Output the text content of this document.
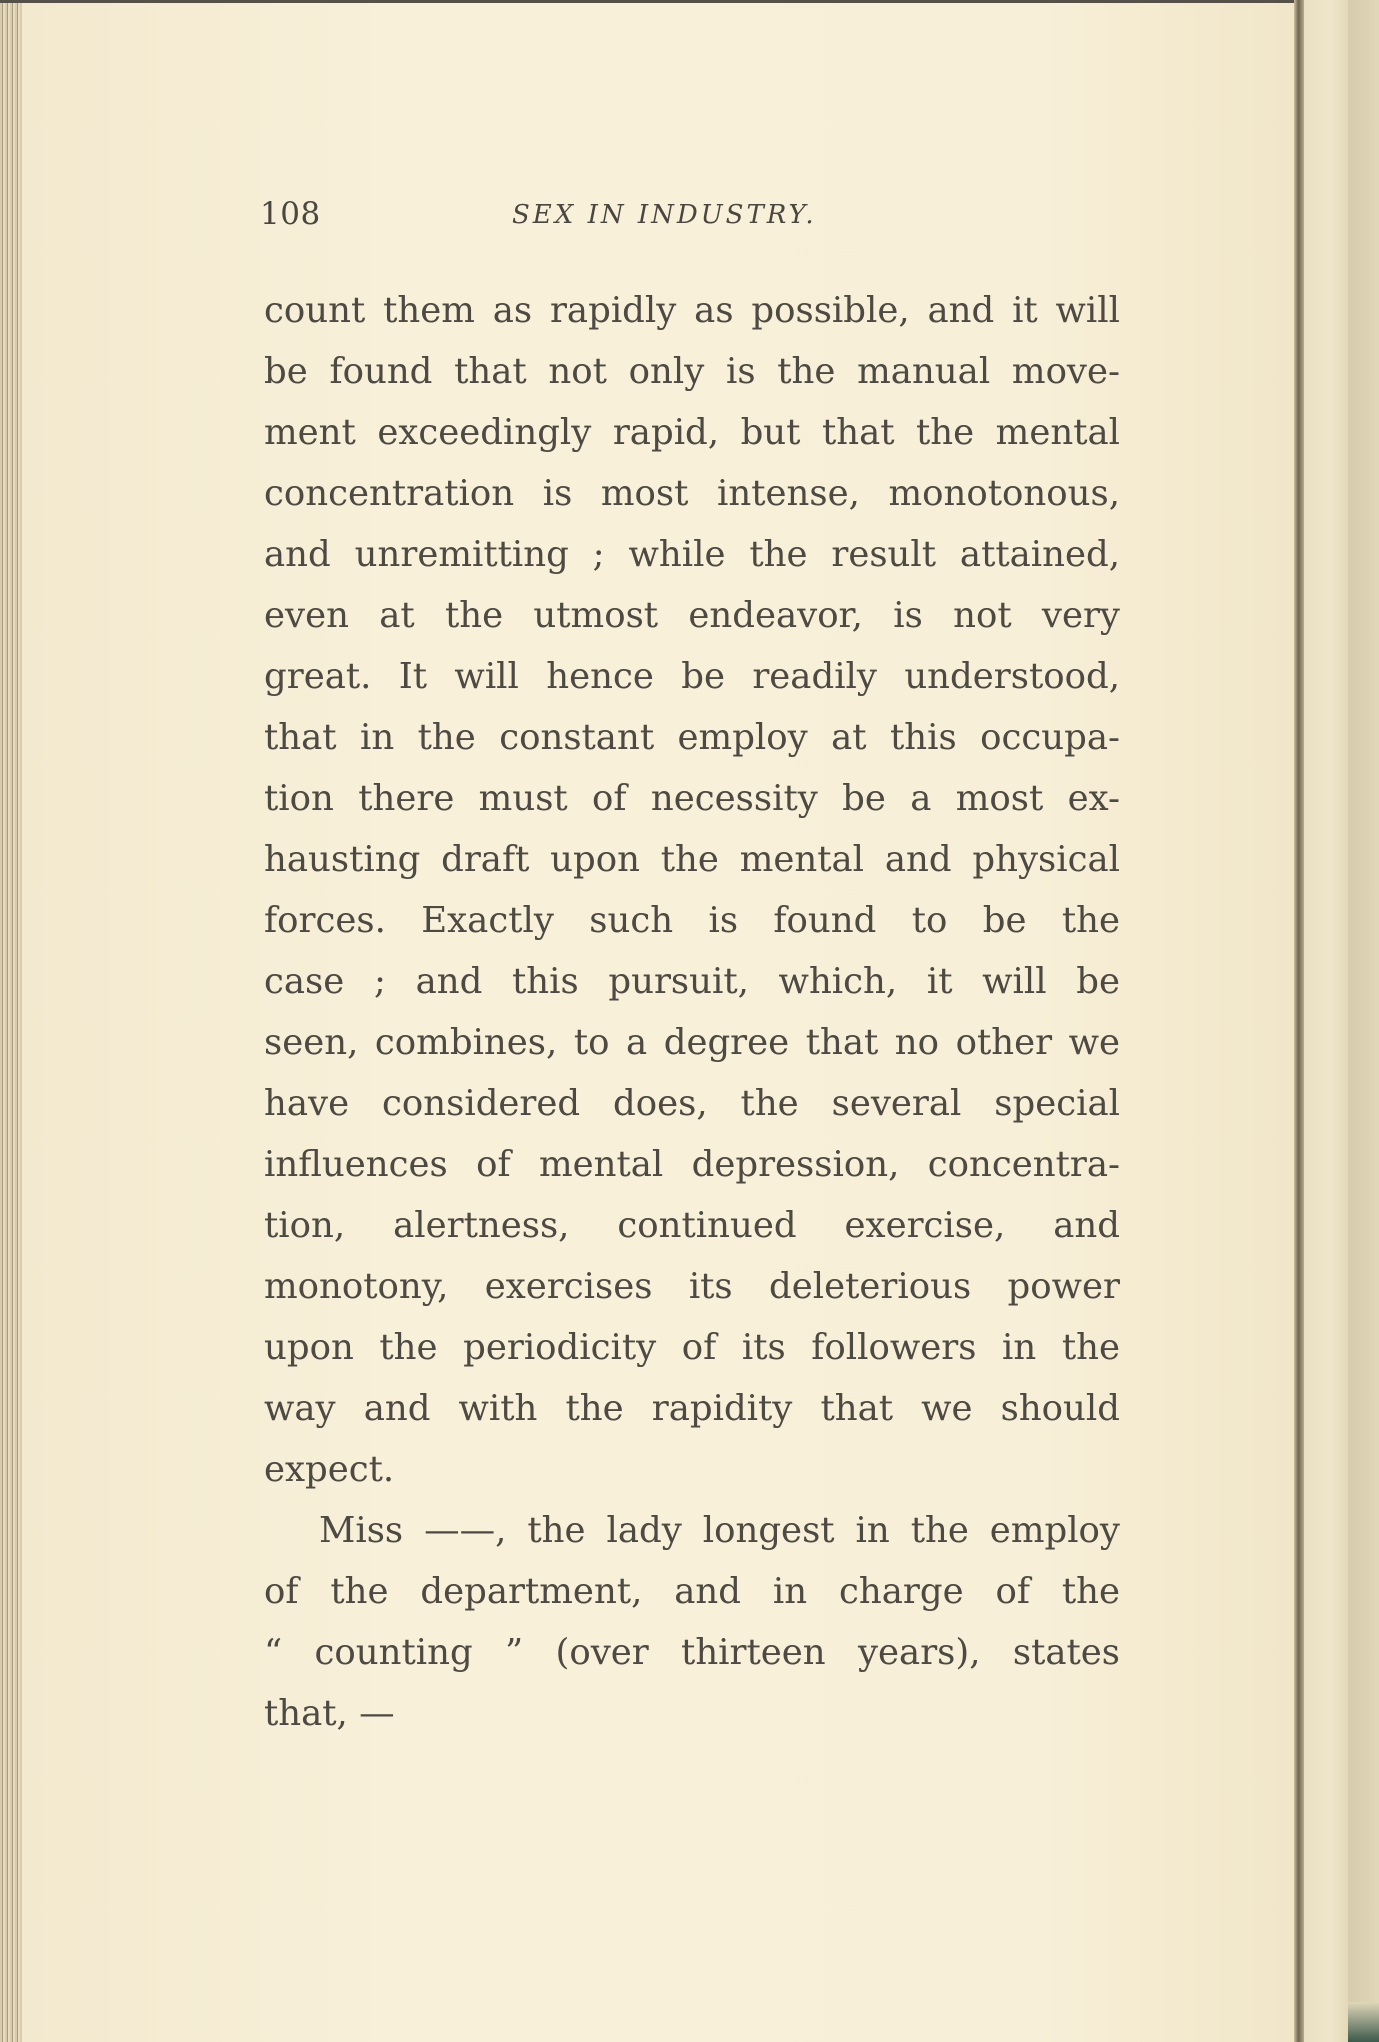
108	SEX IN INDUSTRY.
count them as rapidly as possible, and it will
be found that not only is the manual move-
ment exceedingly rapid, but that the mental
concentration is most intense, monotonous,
and unremitting ; while the result attained,
even at the utmost endeavor, is not very
great. It will hence be readily understood,
that in the constant employ at this occupa-
tion there must of necessity be a most ex-
hausting draft upon the mental and physical
forces. Exactly such is found to be the
case ; and this pursuit, which, it will be
seen, combines, to a degree that no other we
have considered does, the several special
influences of mental depression, concentra-
tion, alertness, continued exercise, and
monotony, exercises its deleterious power
upon the periodicity of its followers in the
way and with the rapidity that we should
expect.
Miss ——, the lady longest in the employ
of the department, and in charge of the
“ counting ” (over thirteen years), states
that, —
